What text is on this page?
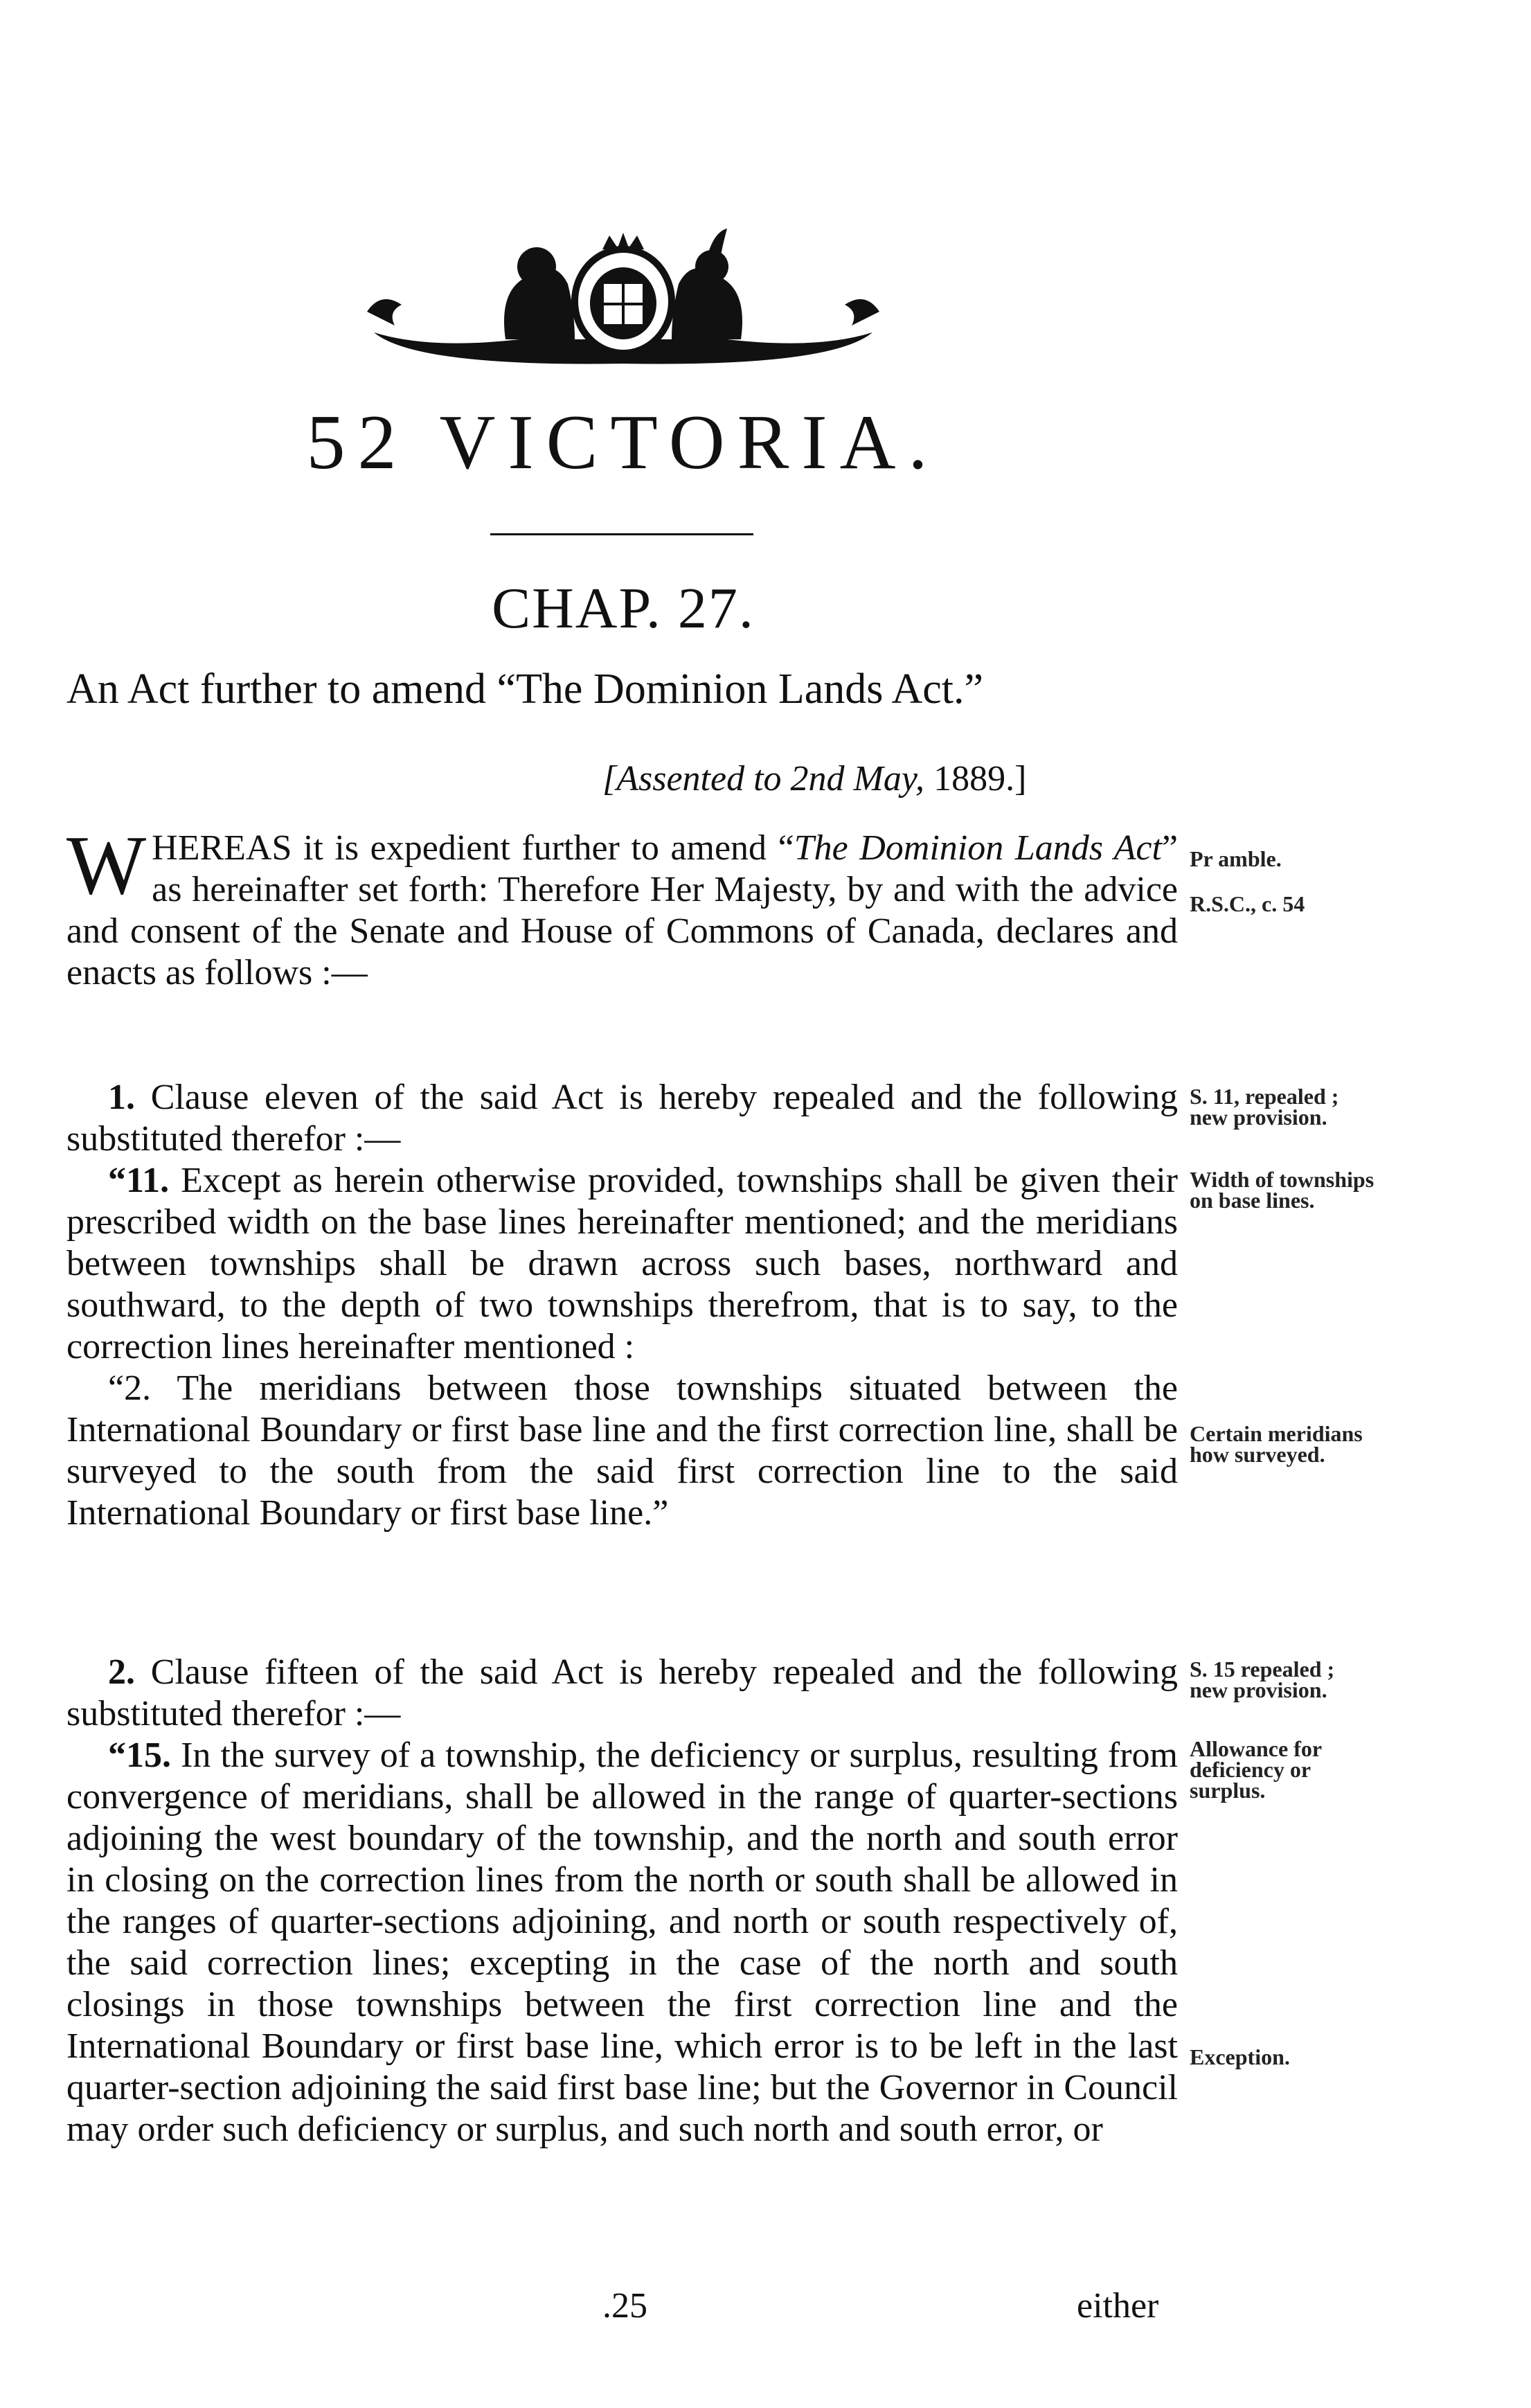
52 VICTORIA.
CHAP. 27.
An Act further to amend “The Dominion Lands Act.”
[Assented to 2nd May, 1889.]

WHEREAS it is expedient further to amend “The Dominion Lands Act” as hereinafter set forth: Therefore Her Majesty, by and with the advice and consent of the Senate and House of Commons of Canada, declares and enacts as follows :—

1. Clause eleven of the said Act is hereby repealed and the following substituted therefor :—

“11. Except as herein otherwise provided, townships shall be given their prescribed width on the base lines hereinafter mentioned; and the meridians between townships shall be drawn across such bases, northward and southward, to the depth of two townships therefrom, that is to say, to the correction lines hereinafter mentioned :

“2. The meridians between those townships situated between the International Boundary or first base line and the first correction line, shall be surveyed to the south from the said first correction line to the said International Boundary or first base line.”

2. Clause fifteen of the said Act is hereby repealed and the following substituted therefor :—

“15. In the survey of a township, the deficiency or surplus, resulting from convergence of meridians, shall be allowed in the range of quarter-sections adjoining the west boundary of the township, and the north and south error in closing on the correction lines from the north or south shall be allowed in the ranges of quarter-sections adjoining, and north or south respectively of, the said correction lines; excepting in the case of the north and south closings in those townships between the first correction line and the International Boundary or first base line, which error is to be left in the last quarter-section adjoining the said first base line; but the Governor in Council may order such deficiency or surplus, and such north and south error, or

Pr amble.
R.S.C., c. 54
S. 11, repealed ; new provision.
Width of townships on base lines.
Certain meridians how surveyed.
S. 15 repealed ; new provision.
Allowance for deficiency or surplus.
Exception.
.25	either
